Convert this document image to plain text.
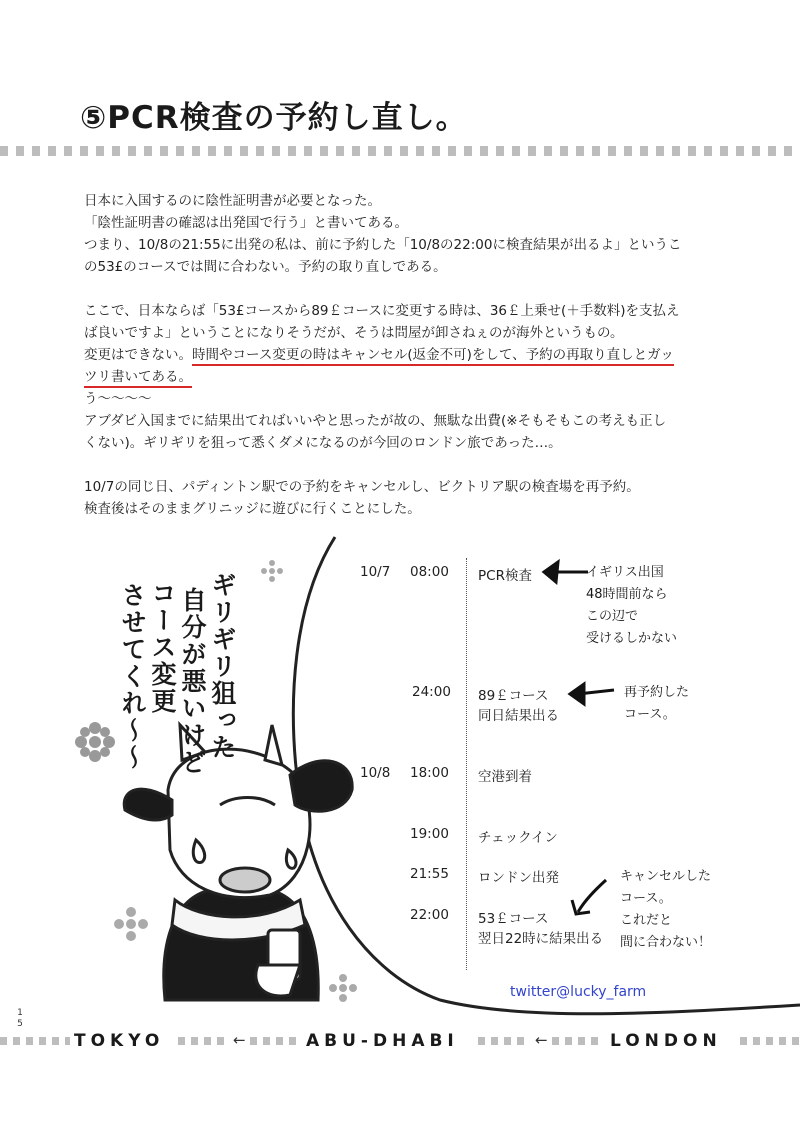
⑤PCR検査の予約し直し。

日本に入国するのに陰性証明書が必要となった。

「陰性証明書の確認は出発国で行う」と書いてある。

つまり、10/8の21:55に出発の私は、前に予約した「10/8の22:00に検査結果が出るよ」というこ

の53£のコースでは間に合わない。予約の取り直しである。

ここで、日本ならば「53£コースから89￡コースに変更する時は、36￡上乗せ(＋手数料)を支払え

ば良いですよ」ということになりそうだが、そうは問屋が卸さねぇのが海外というもの。

変更はできない。時間やコース変更の時はキャンセル(返金不可)をして、予約の再取り直しとガッ

ツリ書いてある。

う〜〜〜〜

アブダビ入国までに結果出てればいいやと思ったが故の、無駄な出費(※そもそもこの考えも正し

くない)。ギリギリを狙って悉くダメになるのが今回のロンドン旅であった…。

10/7の同じ日、パディントン駅での予約をキャンセルし、ビクトリア駅の検査場を再予約。

検査後はそのままグリニッジに遊びに行くことにした。

ギリギリ狙った
自分が悪いけど
コース変更
させてくれ〜〜
10/7 08:00 PCR検査
24:00 89￡コース
同日結果出る
10/8 18:00 空港到着
19:00 チェックイン
21:55 ロンドン出発
22:00 53￡コース
翌日22時に結果出る
イギリス出国
48時間前なら
この辺で
受けるしかない
再予約した
コース。
キャンセルした
コース。
これだと
間に合わない！
twitter@lucky_farm
1
5
TOKYO	←	ABU-DHABI	←	LONDON
